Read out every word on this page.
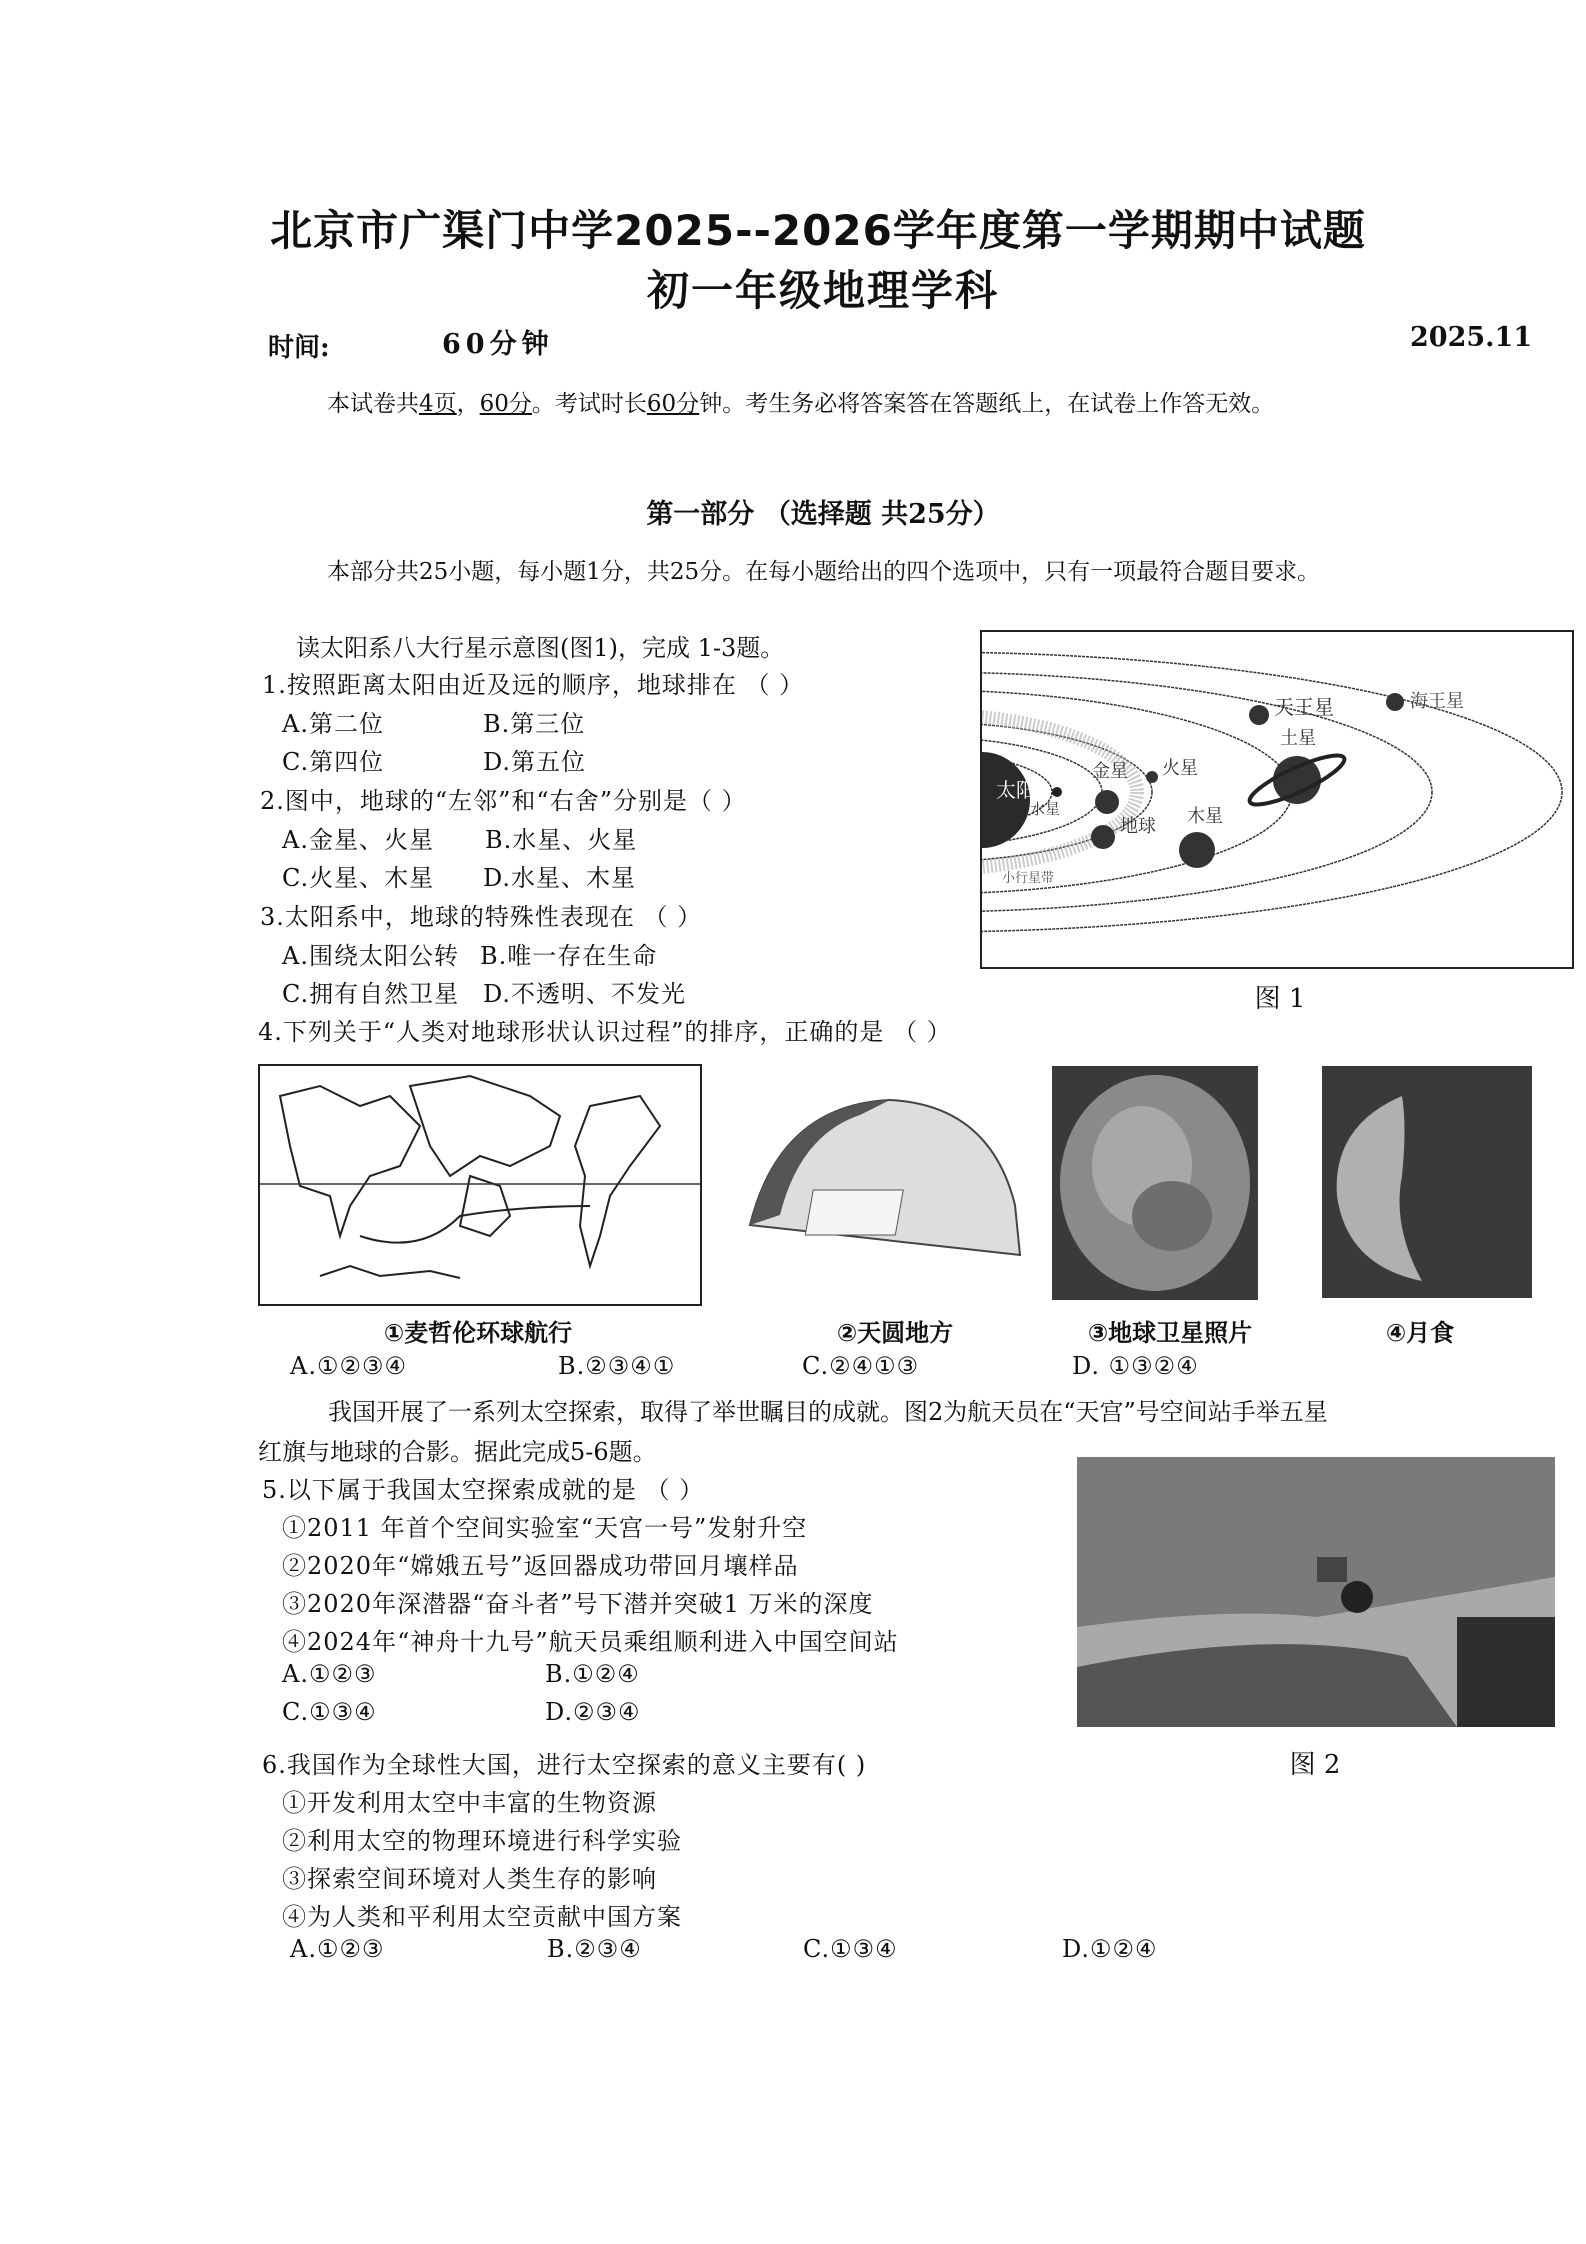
北京市广渠门中学2025--2026学年度第一学期期中试题
初一年级地理学科
时间:	60分钟	2025.11
本试卷共4页，60分。考试时长60分钟。考生务必将答案答在答题纸上，在试卷上作答无效。
第一部分 （选择题 共25分）
本部分共25小题，每小题1分，共25分。在每小题给出的四个选项中，只有一项最符合题目要求。
读太阳系八大行星示意图(图1)，完成 1-3题。
1.按照距离太阳由近及远的顺序，地球排在 （ ）
A.第二位	B.第三位
C.第四位	D.第五位
2.图中，地球的“左邻”和“右舍”分别是（ ）
A.金星、火星 B.水星、火星
C.火星、木星 D.水星、木星
3.太阳系中，地球的特殊性表现在 （ ）
A.围绕太阳公转 B.唯一存在生命
C.拥有自然卫星 D.不透明、不发光
太阳
水星
金星
地球
火星
木星
小行星带
土星
天王星	海王星
图 1
4.下列关于“人类对地球形状认识过程”的排序，正确的是 （ ）
①麦哲伦环球航行	②天圆地方	③地球卫星照片	④月食
A.①②③④	B.②③④①	C.②④①③	D. ①③②④
我国开展了一系列太空探索，取得了举世瞩目的成就。图2为航天员在“天宫”号空间站手举五星
红旗与地球的合影。据此完成5-6题。
5.以下属于我国太空探索成就的是 （ ）
①2011 年首个空间实验室“天宫一号”发射升空
②2020年“嫦娥五号”返回器成功带回月壤样品
③2020年深潜器“奋斗者”号下潜并突破1 万米的深度
④2024年“神舟十九号”航天员乘组顺利进入中国空间站
A.①②③	B.①②④
C.①③④	D.②③④
图 2
6.我国作为全球性大国，进行太空探索的意义主要有( )
①开发利用太空中丰富的生物资源
②利用太空的物理环境进行科学实验
③探索空间环境对人类生存的影响
④为人类和平利用太空贡献中国方案
A.①②③	B.②③④	C.①③④	D.①②④
